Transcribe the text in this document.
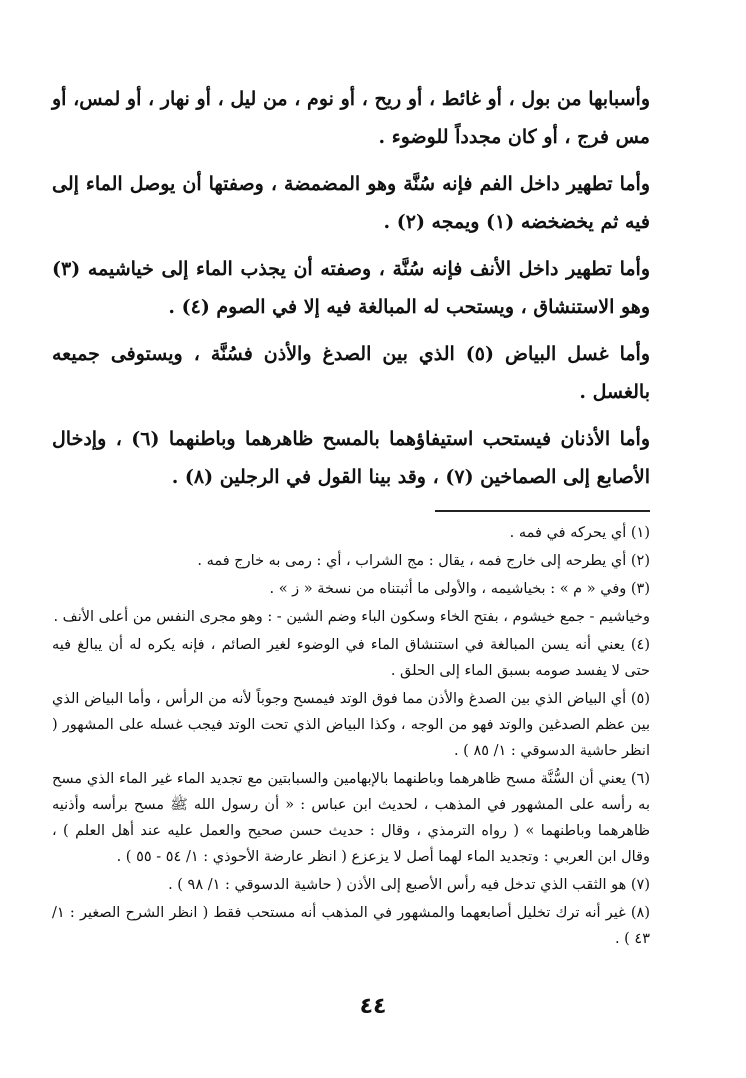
وأسبابها من بول ، أو غائط ، أو ريح ، أو نوم ، من ليل ، أو نهار ، أو لمس، أو مس فرج ، أو كان مجدداً للوضوء .

وأما تطهير داخل الفم فإنه سُنَّة وهو المضمضة ، وصفتها أن يوصل الماء إلى فيه ثم يخضخضه (١) ويمجه (٢) .

وأما تطهير داخل الأنف فإنه سُنَّة ، وصفته أن يجذب الماء إلى خياشيمه (٣) وهو الاستنشاق ، ويستحب له المبالغة فيه إلا في الصوم (٤) .

وأما غسل البياض (٥) الذي بين الصدغ والأذن فسُنَّة ، ويستوفى جميعه بالغسل .

وأما الأذنان فيستحب استيفاؤهما بالمسح ظاهرهما وباطنهما (٦) ، وإدخال الأصابع إلى الصماخين (٧) ، وقد بينا القول في الرجلين (٨) .

(١) أي يحركه في فمه .

(٢) أي يطرحه إلى خارج فمه ، يقال : مج الشراب ، أي : رمى به خارج فمه .

(٣) وفي « م » : بخياشيمه ، والأولى ما أثبتناه من نسخة « ز » .

وخياشيم - جمع خيشوم ، بفتح الخاء وسكون الباء وضم الشين - : وهو مجرى النفس من أعلى الأنف .

(٤) يعني أنه يسن المبالغة في استنشاق الماء في الوضوء لغير الصائم ، فإنه يكره له أن يبالغ فيه حتى لا يفسد صومه بسبق الماء إلى الحلق .

(٥) أي البياض الذي بين الصدغ والأذن مما فوق الوتد فيمسح وجوباً لأنه من الرأس ، وأما البياض الذي بين عظم الصدغين والوتد فهو من الوجه ، وكذا البياض الذي تحت الوتد فيجب غسله على المشهور ( انظر حاشية الدسوقي : ١/ ٨٥ ) .

(٦) يعني أن السُّنَّة مسح ظاهرهما وباطنهما بالإبهامين والسبابتين مع تجديد الماء غير الماء الذي مسح به رأسه على المشهور في المذهب ، لحديث ابن عباس : « أن رسول الله ﷺ مسح برأسه وأذنيه ظاهرهما وباطنهما » ( رواه الترمذي ، وقال : حديث حسن صحيح والعمل عليه عند أهل العلم ) ، وقال ابن العربي : وتجديد الماء لهما أصل لا يزعزع ( انظر عارضة الأحوذي : ١/ ٥٤ - ٥٥ ) .

(٧) هو الثقب الذي تدخل فيه رأس الأصبع إلى الأذن ( حاشية الدسوقي : ١/ ٩٨ ) .

(٨) غير أنه ترك تخليل أصابعهما والمشهور في المذهب أنه مستحب فقط ( انظر الشرح الصغير : ١/ ٤٣ ) .

٤٤
